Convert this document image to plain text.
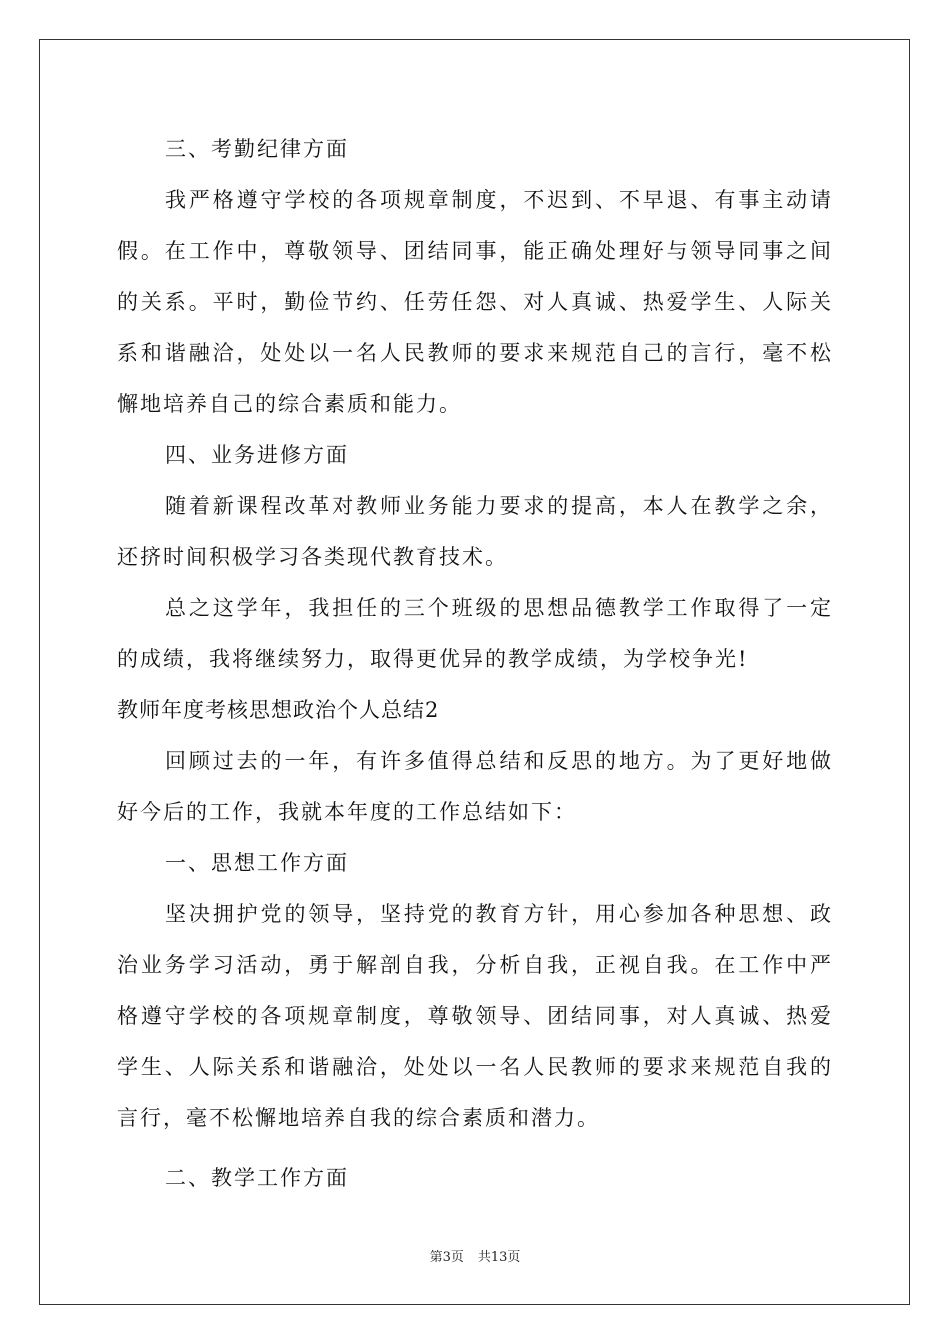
三、考勤纪律方面
我严格遵守学校的各项规章制度，不迟到、不早退、有事主动请
假。在工作中，尊敬领导、团结同事，能正确处理好与领导同事之间
的关系。平时，勤俭节约、任劳任怨、对人真诚、热爱学生、人际关
系和谐融洽，处处以一名人民教师的要求来规范自己的言行，毫不松
懈地培养自己的综合素质和能力。
四、业务进修方面
随着新课程改革对教师业务能力要求的提高，本人在教学之余，
还挤时间积极学习各类现代教育技术。
总之这学年，我担任的三个班级的思想品德教学工作取得了一定
的成绩，我将继续努力，取得更优异的教学成绩，为学校争光!
教师年度考核思想政治个人总结2
回顾过去的一年，有许多值得总结和反思的地方。为了更好地做
好今后的工作，我就本年度的工作总结如下：
一、思想工作方面
坚决拥护党的领导，坚持党的教育方针，用心参加各种思想、政
治业务学习活动，勇于解剖自我，分析自我，正视自我。在工作中严
格遵守学校的各项规章制度，尊敬领导、团结同事，对人真诚、热爱
学生、人际关系和谐融洽，处处以一名人民教师的要求来规范自我的
言行，毫不松懈地培养自我的综合素质和潜力。
二、教学工作方面
第3页 共13页
